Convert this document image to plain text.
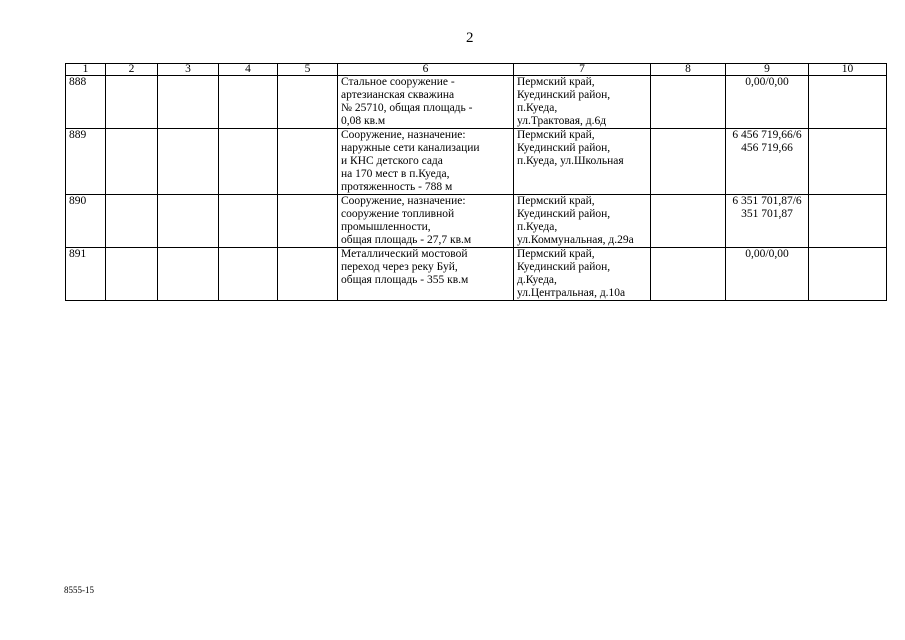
2
1	2	3	4	5	6	7	8	9	10
888					Стальное сооружение -
артезианская скважина
№ 25710, общая площадь -
0,08 кв.м	Пермский край,
Куединский район,
п.Куеда,
ул.Трактовая, д.6д		0,00/0,00	

889					Сооружение, назначение:
наружные сети канализации
и КНС детского сада
на 170 мест в п.Куеда,
протяженность - 788 м	Пермский край,
Куединский район,
п.Куеда, ул.Школьная		6 456 719,66/6
456 719,66	

890					Сооружение, назначение:
сооружение топливной
промышленности,
общая площадь - 27,7 кв.м	Пермский край,
Куединский район,
п.Куеда,
ул.Коммунальная, д.29а		6 351 701,87/6
351 701,87	

891					Металлический мостовой
переход через реку Буй,
общая площадь - 355 кв.м	Пермский край,
Куединский район,
д.Куеда,
ул.Центральная, д.10а		0,00/0,00	

8555-15
